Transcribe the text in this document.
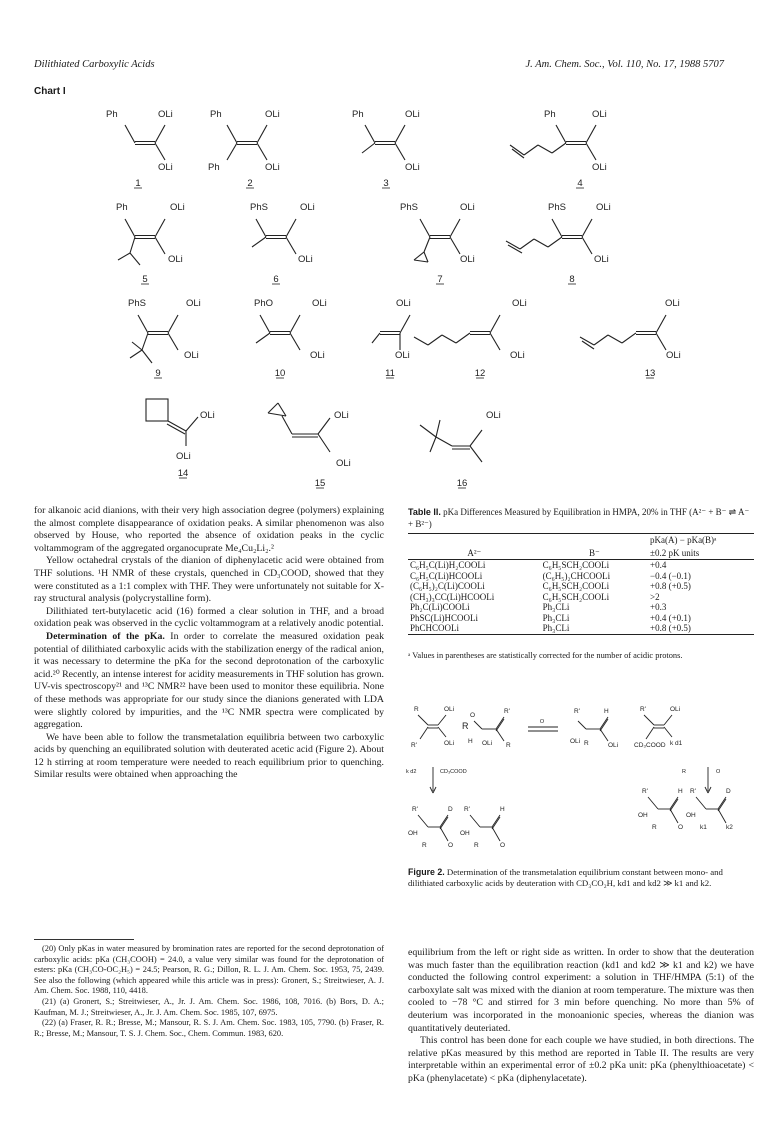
Dilithiated Carboxylic Acids	J. Am. Chem. Soc., Vol. 110, No. 17, 1988 5707
Chart I
Ph	OLi
OLi
1
Ph	OLi
Ph	OLi
2
Ph	OLi
OLi
3
Ph	OLi
OLi
4
Ph	OLi
OLi
5
PhS	OLi
OLi
6
PhS	OLi
OLi
7
PhS	OLi
OLi
8
PhS	OLi
OLi
9
PhO	OLi
OLi
10
OLi
OLi
11
OLi
OLi
12
OLi
OLi
13
OLi
OLi
14
OLi
OLi
15
OLi
16

for alkanoic acid dianions, with their very high association degree (polymers) explaining the almost complete disappearance of oxidation peaks. A similar phenomenon was also observed by House, who reported the absence of oxidation peaks in the cyclic voltammogram of the aggregated organocuprate Me₄Cu₂Li₂.²

Yellow octahedral crystals of the dianion of diphenylacetic acid were obtained from THF solutions. ¹H NMR of these crystals, quenched in CD₃COOD, showed that they were constituted as a 1:1 complex with THF. They were unfortunately not suitable for X-ray structural analysis (polycrystalline form).

Dilithiated tert-butylacetic acid (16) formed a clear solution in THF, and a broad oxidation peak was observed in the cyclic voltammogram at a relatively anodic potential.

Determination of the pKa. In order to correlate the measured oxidation peak potential of dilithiated carboxylic acids with the stabilization energy of the radical anion, it was necessary to determine the pKa for the second deprotonation of the carboxylic acid.²⁰ Recently, an intense interest for acidity measurements in THF solution has grown. UV-vis spectroscopy²¹ and ¹³C NMR²² have been used to monitor these equilibria. None of these methods was appropriate for our study since the dianions generated with LDA were slightly colored by impurities, and the ¹³C NMR spectra were complicated by aggregation.

We have been able to follow the transmetalation equilibria between two carboxylic acids by quenching an equilibrated solution with deuterated acetic acid (Figure 2). About 12 h stirring at room temperature were needed to reach equilibrium prior to quenching. Similar results were obtained when approaching the

(20) Only pKas in water measured by bromination rates are reported for the second deprotonation of carboxylic acids: pKa (CH₃COOH) = 24.0, a value very similar was found for the deprotonation of esters: pKa (CH₃CO-OC₂H₅) = 24.5; Pearson, R. G.; Dillon, R. L. J. Am. Chem. Soc. 1953, 75, 2439. See also the following (which appeared while this article was in press): Gronert, S.; Streitwieser, A. J. Am. Chem. Soc. 1988, 110, 4418.

(21) (a) Gronert, S.; Streitwieser, A., Jr. J. Am. Chem. Soc. 1986, 108, 7016. (b) Bors, D. A.; Kaufman, M. J.; Streitwieser, A., Jr. J. Am. Chem. Soc. 1985, 107, 6975.

(22) (a) Fraser, R. R.; Bresse, M.; Mansour, R. S. J. Am. Chem. Soc. 1983, 105, 7790. (b) Fraser, R. R.; Bresse, M.; Mansour, T. S. J. Chem. Soc., Chem. Commun. 1983, 620.

Table II. pKa Differences Measured by Equilibration in HMPA, 20% in THF (A²⁻ + B⁻ ⇌ A⁻ + B²⁻)
		pKa(A) − pKa(B)ᵃ
A²⁻	B⁻	±0.2 pK units
C₆H₅C(Li)H₂COOLi	C₆H₅SCH₂COOLi	+0.4
C₆H₅C(Li)HCOOLi	(C₆H₅)₂CHCOOLi	−0.4 (−0.1)
(C₆H₅)₂C(Li)COOLi	C₆H₅SCH₂COOLi	+0.8 (+0.5)
(CH₃)₃CC(Li)HCOOLi	C₆H₅SCH₂COOLi	>2
Ph₂C(Li)COOLi	Ph₃CLi	+0.3
PhSC(Li)HCOOLi	Ph₃CLi	+0.4 (+0.1)
PhCHCOOLi	Ph₃CLi	+0.8 (+0.5)
ᵃ Values in parentheses are statistically corrected for the number of acidic protons.
R	OLi
R'	OLi
R
O
R'
H OLi R
O
R'	H
OLi R	OLi
R'	OLi
CD₃COOD k d1
k d2	CD₃COOD	R	O
R'	D
OH
R	O
R'	H
OH
R	O
R'	H
OH
R	O
R'	D
OH
k1	k2
Figure 2. Determination of the transmetalation equilibrium constant between mono- and dilithiated carboxylic acids by deuteration with CD₃CO₂H, kd1 and kd2 ≫ k1 and k2.

equilibrium from the left or right side as written. In order to show that the deuteration was much faster than the equilibration reaction (kd1 and kd2 ≫ k1 and k2) we have conducted the following control experiment: a solution in THF/HMPA (5:1) of the carboxylate salt was mixed with the dianion at room temperature. The mixture was then cooled to −78 °C and stirred for 3 min before quenching. No more than 5% of deuterium was incorporated in the monoanionic species, whereas the dianion was quantitatively deuteriated.

This control has been done for each couple we have studied, in both directions. The relative pKas measured by this method are reported in Table II. The results are very interpretable within an experimental error of ±0.2 pKa unit: pKa (phenylthioacetate) < pKa (phenylacetate) < pKa (diphenylacetate).
